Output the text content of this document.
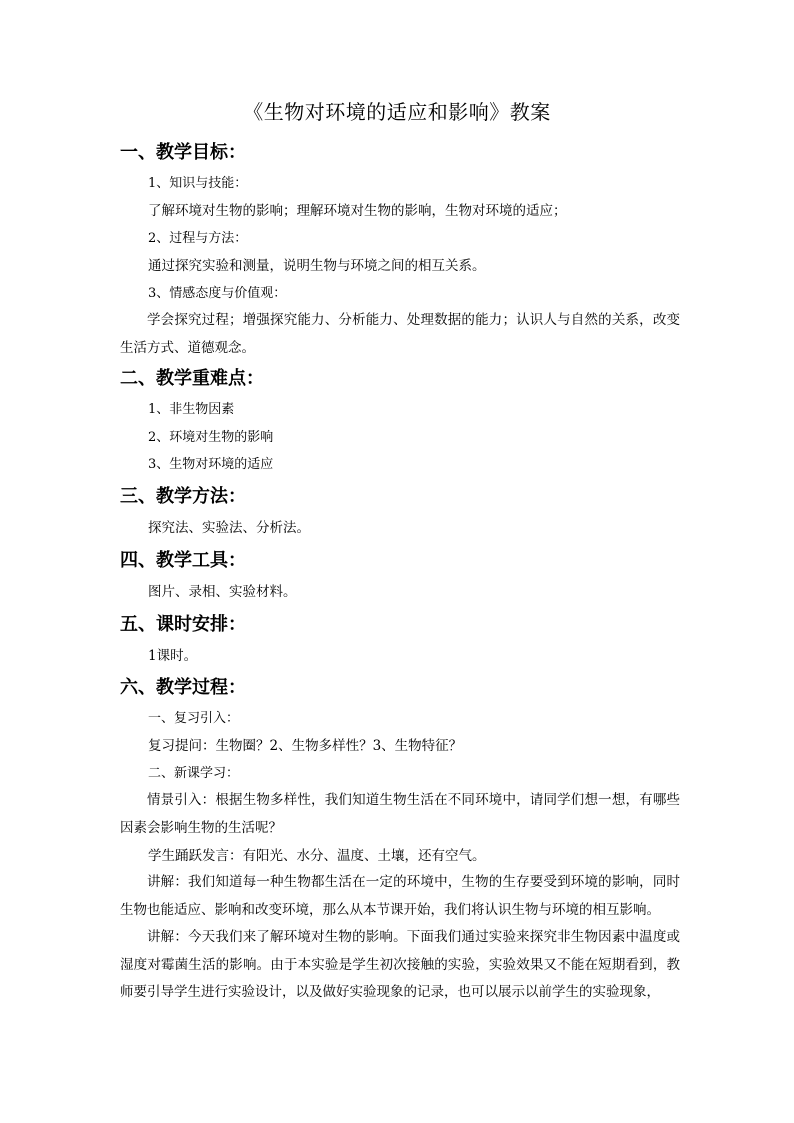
《生物对环境的适应和影响》教案
一、教学目标：
1、知识与技能：
了解环境对生物的影响；理解环境对生物的影响，生物对环境的适应；
2、过程与方法：
通过探究实验和测量，说明生物与环境之间的相互关系。
3、情感态度与价值观：
学会探究过程；增强探究能力、分析能力、处理数据的能力；认识人与自然的关系，改变生活方式、道德观念。
二、教学重难点：
1、非生物因素
2、环境对生物的影响
3、生物对环境的适应
三、教学方法：
探究法、实验法、分析法。
四、教学工具：
图片、录相、实验材料。
五、课时安排：
1课时。
六、教学过程：
一、复习引入：
复习提问：生物圈？2、生物多样性？3、生物特征？
二、新课学习：
情景引入：根据生物多样性，我们知道生物生活在不同环境中，请同学们想一想，有哪些因素会影响生物的生活呢？
学生踊跃发言：有阳光、水分、温度、土壤，还有空气。
讲解：我们知道每一种生物都生活在一定的环境中，生物的生存要受到环境的影响，同时生物也能适应、影响和改变环境，那么从本节课开始，我们将认识生物与环境的相互影响。
讲解：今天我们来了解环境对生物的影响。下面我们通过实验来探究非生物因素中温度或湿度对霉菌生活的影响。由于本实验是学生初次接触的实验，实验效果又不能在短期看到，教师要引导学生进行实验设计，以及做好实验现象的记录，也可以展示以前学生的实验现象，
